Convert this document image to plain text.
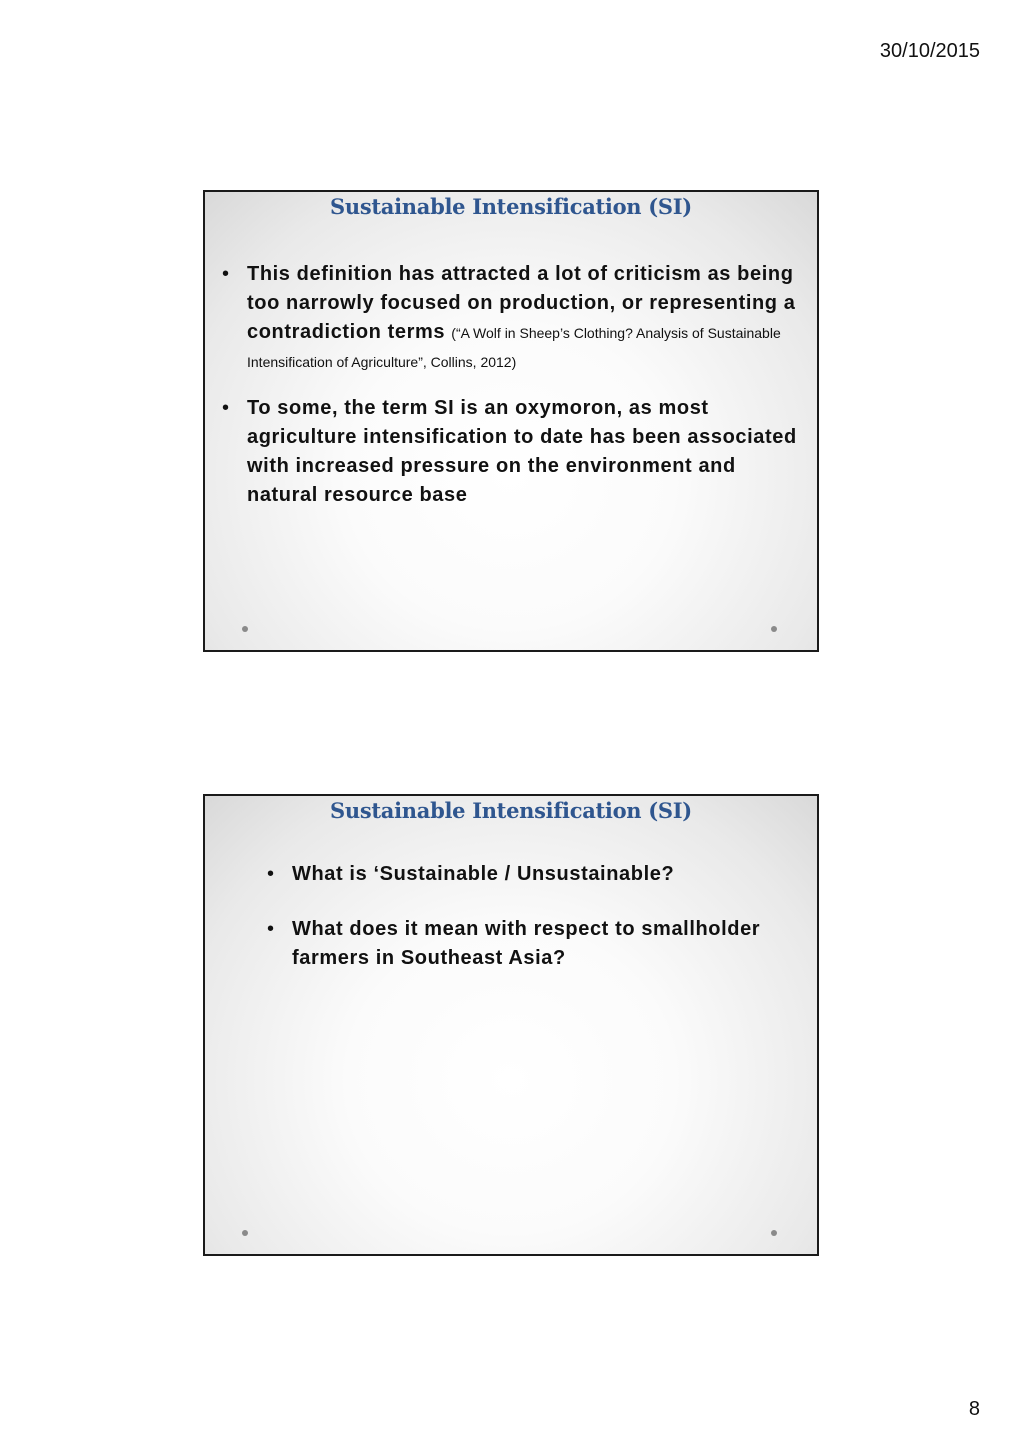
30/10/2015
Sustainable Intensification (SI)
• This definition has attracted a lot of criticism as being too narrowly focused on production, or representing a contradiction terms (“A Wolf in Sheep’s Clothing? Analysis of Sustainable Intensification of Agriculture”, Collins, 2012)
• To some, the term SI is an oxymoron, as most agriculture intensification to date has been associated with increased pressure on the environment and natural resource base
Sustainable Intensification (SI)
• What is ‘Sustainable / Unsustainable?
• What does it mean with respect to smallholder farmers in Southeast Asia?
8
